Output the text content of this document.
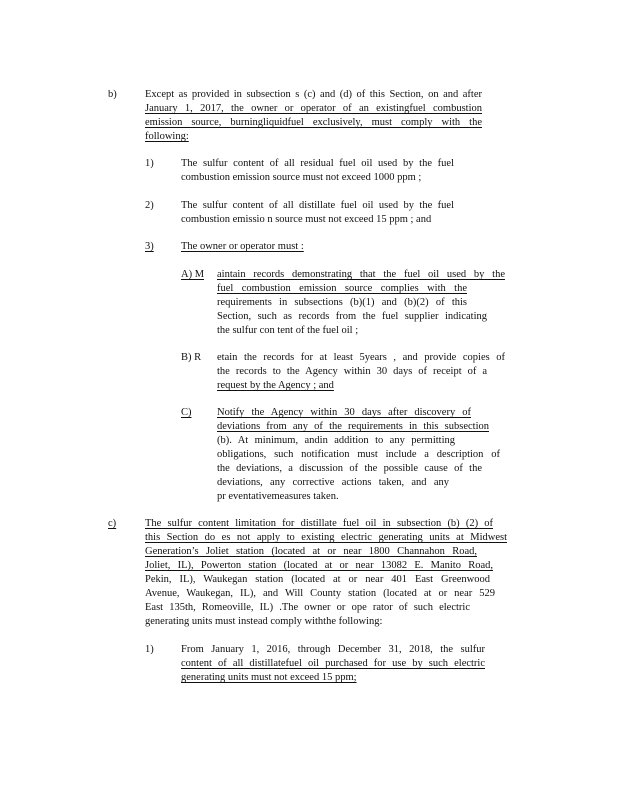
b)	Except as provided in subsection s (c) and (d) of this Section, on and after
January 1, 2017, the owner or operator of an existingfuel combustion
emission source, burningliquidfuel exclusively, must comply with the
following:
1)	The sulfur content of all residual fuel oil used by the fuel
combustion emission source must not exceed 1000 ppm ;
2)	The sulfur content of all distillate fuel oil used by the fuel
combustion emissio n source must not exceed 15 ppm ; and
3)	The owner or operator must :
A) M	aintain records demonstrating that the fuel oil used by the
fuel combustion emission source complies with the
requirements in subsections (b)(1) and (b)(2) of this
Section, such as records from the fuel supplier indicating
the sulfur con tent of the fuel oil ;
B) R etain the records for at least 5years , and provide copies of
the records to the Agency within 30 days of receipt of a
request by the Agency ; and
C)	Notify the Agency within 30 days after discovery of
deviations from any of the requirements in this subsection
(b). At minimum, andin addition to any permitting
obligations, such notification must include a description of
the deviations, a discussion of the possible cause of the
deviations, any corrective actions taken, and any
pr eventativemeasures taken.
c)	The sulfur content limitation for distillate fuel oil in subsection (b) (2) of
this Section do es not apply to existing electric generating units at Midwest
Generation’s Joliet station (located at or near 1800 Channahon Road,
Joliet, IL), Powerton station (located at or near 13082 E. Manito Road,
Pekin, IL), Waukegan station (located at or near 401 East Greenwood
Avenue, Waukegan, IL), and Will County station (located at or near 529
East 135th, Romeoville, IL) .The owner or ope rator of such electric
generating units must instead comply withthe following:
1)	From January 1, 2016, through December 31, 2018, the sulfur
content of all distillatefuel oil purchased for use by such electric
generating units must not exceed 15 ppm;
